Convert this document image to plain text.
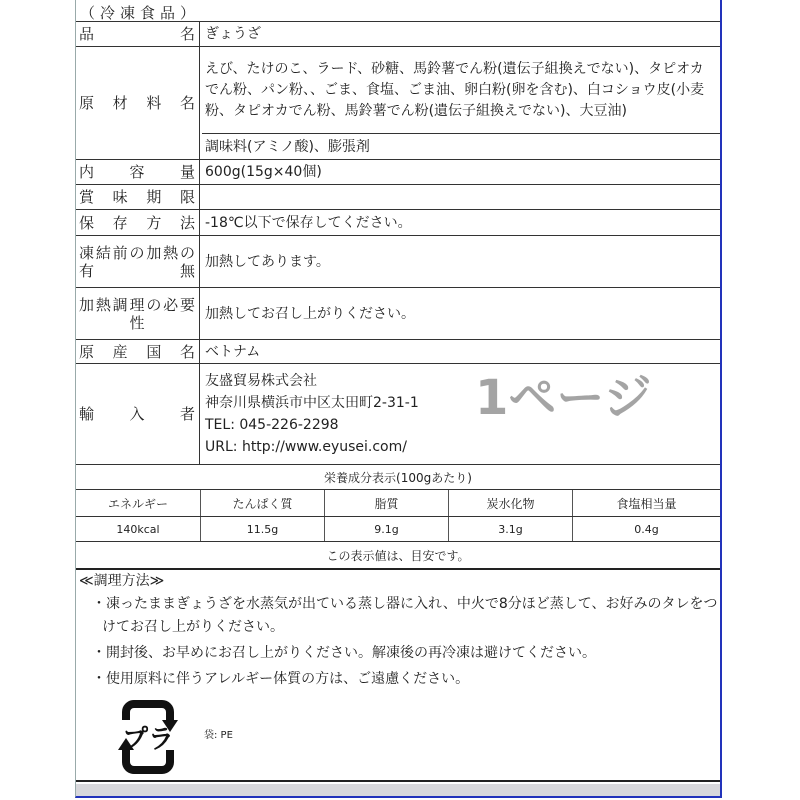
（冷凍食品）
品名 ぎょうざ
原材料名
えび、たけのこ、ラード、砂糖、馬鈴薯でん粉(遺伝子組換えでない)、タピオカでん粉、パン粉、、ごま、食塩、ごま油、卵白粉(卵を含む)、白コショウ皮(小麦粉、タピオカでん粉、馬鈴薯でん粉(遺伝子組換えでない)、大豆油)
調味料(アミノ酸)、膨張剤
内容量 600g(15g×40個)
賞味期限
保存方法 -18℃以下で保存してください。
凍結前の加熱の有無 加熱してあります。
加熱調理の必要性	加熱してお召し上がりください。
原産国名 ベトナム
輸入者
友盛貿易株式会社
神奈川県横浜市中区太田町2-31-1
TEL: 045-226-2298
URL: http://www.eyusei.com/
栄養成分表示(100gあたり)
エネルギー	たんぱく質	脂質	炭水化物	食塩相当量
140kcal	11.5g	9.1g	3.1g	0.4g
この表示値は、目安です。

≪調理方法≫

・凍ったままぎょうざを水蒸気が出ている蒸し器に入れ、中火で8分ほど蒸して、お好みのタレをつけてお召し上がりください。

・開封後、お早めにお召し上がりください。解凍後の再冷凍は避けてください。

・使用原料に伴うアレルギー体質の方は、ご遠慮ください。

プラ	袋: PE
1ページ
